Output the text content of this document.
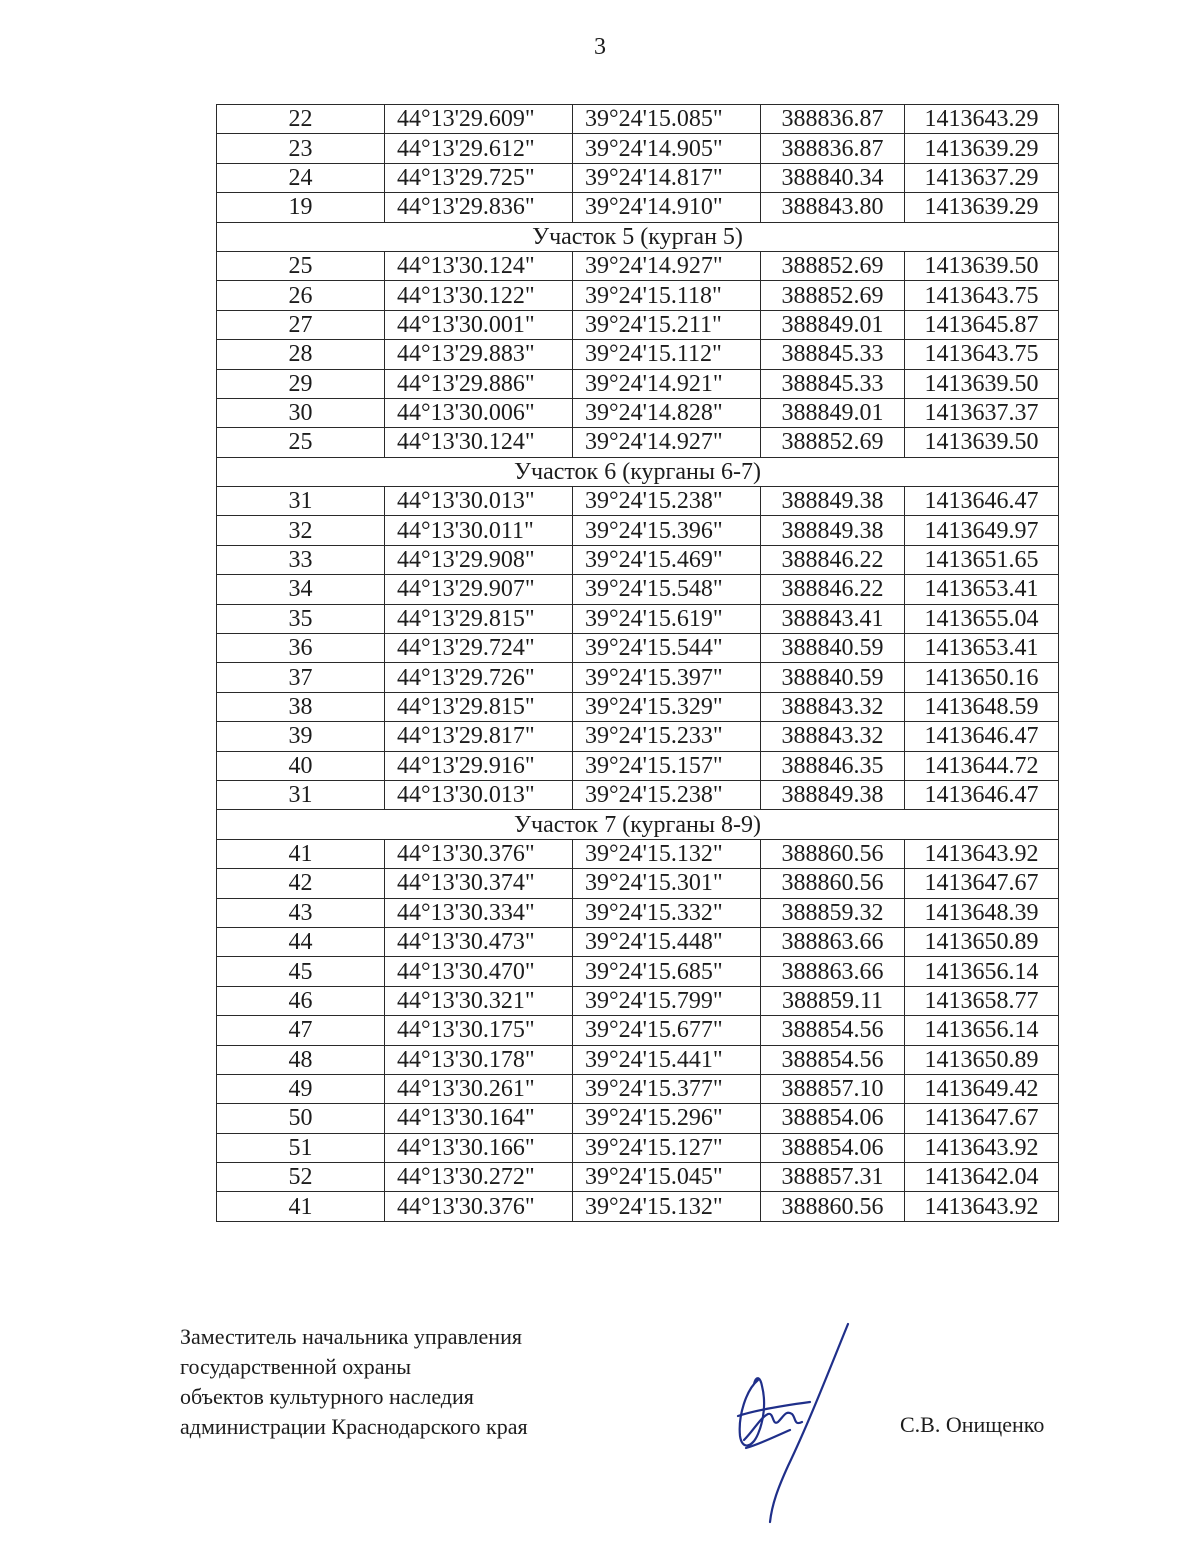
3
22	44°13'29.609"	39°24'15.085"	388836.87	1413643.29
23	44°13'29.612"	39°24'14.905"	388836.87	1413639.29
24	44°13'29.725"	39°24'14.817"	388840.34	1413637.29
19	44°13'29.836"	39°24'14.910"	388843.80	1413639.29
Участок 5 (курган 5)				
25	44°13'30.124"	39°24'14.927"	388852.69	1413639.50
26	44°13'30.122"	39°24'15.118"	388852.69	1413643.75
27	44°13'30.001"	39°24'15.211"	388849.01	1413645.87
28	44°13'29.883"	39°24'15.112"	388845.33	1413643.75
29	44°13'29.886"	39°24'14.921"	388845.33	1413639.50
30	44°13'30.006"	39°24'14.828"	388849.01	1413637.37
25	44°13'30.124"	39°24'14.927"	388852.69	1413639.50
Участок 6 (курганы 6-7)				
31	44°13'30.013"	39°24'15.238"	388849.38	1413646.47
32	44°13'30.011"	39°24'15.396"	388849.38	1413649.97
33	44°13'29.908"	39°24'15.469"	388846.22	1413651.65
34	44°13'29.907"	39°24'15.548"	388846.22	1413653.41
35	44°13'29.815"	39°24'15.619"	388843.41	1413655.04
36	44°13'29.724"	39°24'15.544"	388840.59	1413653.41
37	44°13'29.726"	39°24'15.397"	388840.59	1413650.16
38	44°13'29.815"	39°24'15.329"	388843.32	1413648.59
39	44°13'29.817"	39°24'15.233"	388843.32	1413646.47
40	44°13'29.916"	39°24'15.157"	388846.35	1413644.72
31	44°13'30.013"	39°24'15.238"	388849.38	1413646.47
Участок 7 (курганы 8-9)				
41	44°13'30.376"	39°24'15.132"	388860.56	1413643.92
42	44°13'30.374"	39°24'15.301"	388860.56	1413647.67
43	44°13'30.334"	39°24'15.332"	388859.32	1413648.39
44	44°13'30.473"	39°24'15.448"	388863.66	1413650.89
45	44°13'30.470"	39°24'15.685"	388863.66	1413656.14
46	44°13'30.321"	39°24'15.799"	388859.11	1413658.77
47	44°13'30.175"	39°24'15.677"	388854.56	1413656.14
48	44°13'30.178"	39°24'15.441"	388854.56	1413650.89
49	44°13'30.261"	39°24'15.377"	388857.10	1413649.42
50	44°13'30.164"	39°24'15.296"	388854.06	1413647.67
51	44°13'30.166"	39°24'15.127"	388854.06	1413643.92
52	44°13'30.272"	39°24'15.045"	388857.31	1413642.04
41	44°13'30.376"	39°24'15.132"	388860.56	1413643.92
Заместитель начальника управления
государственной охраны
объектов культурного наследия
администрации Краснодарского края	С.В. Онищенко
